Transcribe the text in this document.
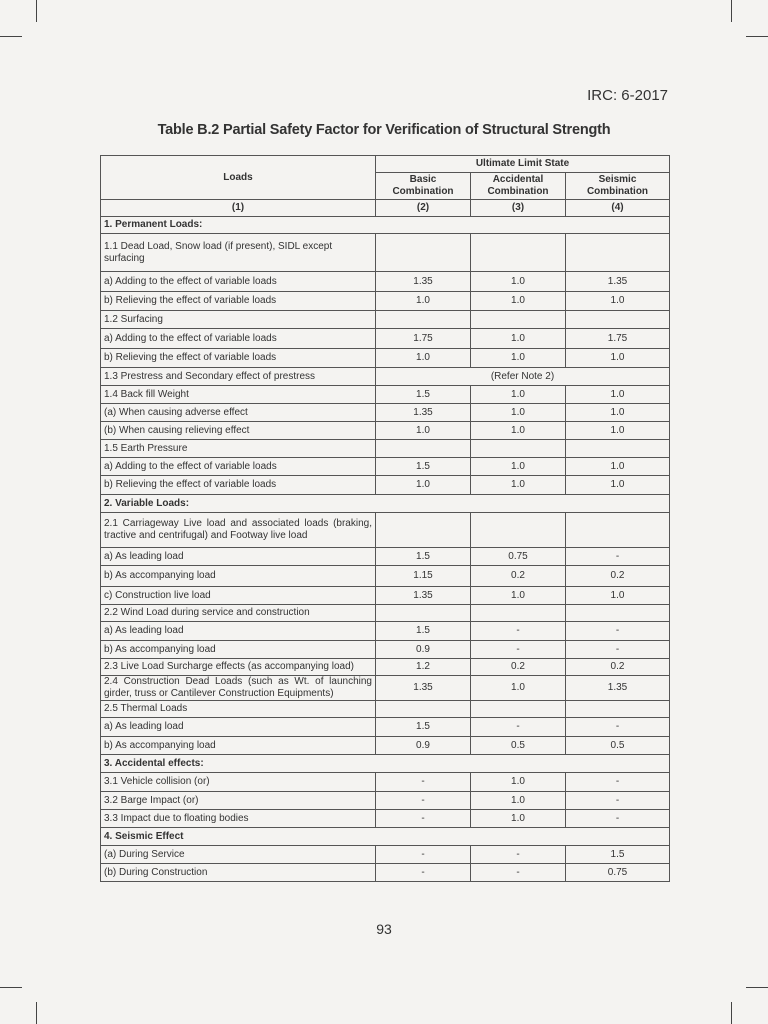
IRC: 6-2017
Table B.2 Partial Safety Factor for Verification of Structural Strength
Loads	Ultimate Limit State		
	Basic Combination	Accidental Combination	Seismic Combination
(1)	(2)	(3)	(4)
1. Permanent Loads:			
1.1 Dead Load, Snow load (if present), SIDL except surfacing			
a) Adding to the effect of variable loads	1.35	1.0	1.35
b) Relieving the effect of variable loads	1.0	1.0	1.0
1.2 Surfacing			
a) Adding to the effect of variable loads	1.75	1.0	1.75
b) Relieving the effect of variable loads	1.0	1.0	1.0
1.3 Prestress and Secondary effect of prestress	(Refer Note 2)		
1.4 Back fill Weight	1.5	1.0	1.0
(a) When causing adverse effect	1.35	1.0	1.0
(b) When causing relieving effect	1.0	1.0	1.0
1.5 Earth Pressure			
a) Adding to the effect of variable loads	1.5	1.0	1.0
b) Relieving the effect of variable loads	1.0	1.0	1.0
2. Variable Loads:			
2.1 Carriageway Live load and associated loads (braking, tractive and centrifugal) and Footway live load			
a) As leading load	1.5	0.75	-
b) As accompanying load	1.15	0.2	0.2
c) Construction live load	1.35	1.0	1.0
2.2 Wind Load during service and construction			
a) As leading load	1.5	-	-
b) As accompanying load	0.9	-	-
2.3 Live Load Surcharge effects (as accompanying load)	1.2	0.2	0.2
2.4 Construction Dead Loads (such as Wt. of launching girder, truss or Cantilever Construction Equipments)	1.35	1.0	1.35
2.5 Thermal Loads			
a) As leading load	1.5	-	-
b) As accompanying load	0.9	0.5	0.5
3. Accidental effects:			
3.1 Vehicle collision (or)	-	1.0	-
3.2 Barge Impact (or)	-	1.0	-
3.3 Impact due to floating bodies	-	1.0	-
4. Seismic Effect			
(a) During Service	-	-	1.5
(b) During Construction	-	-	0.75
93
